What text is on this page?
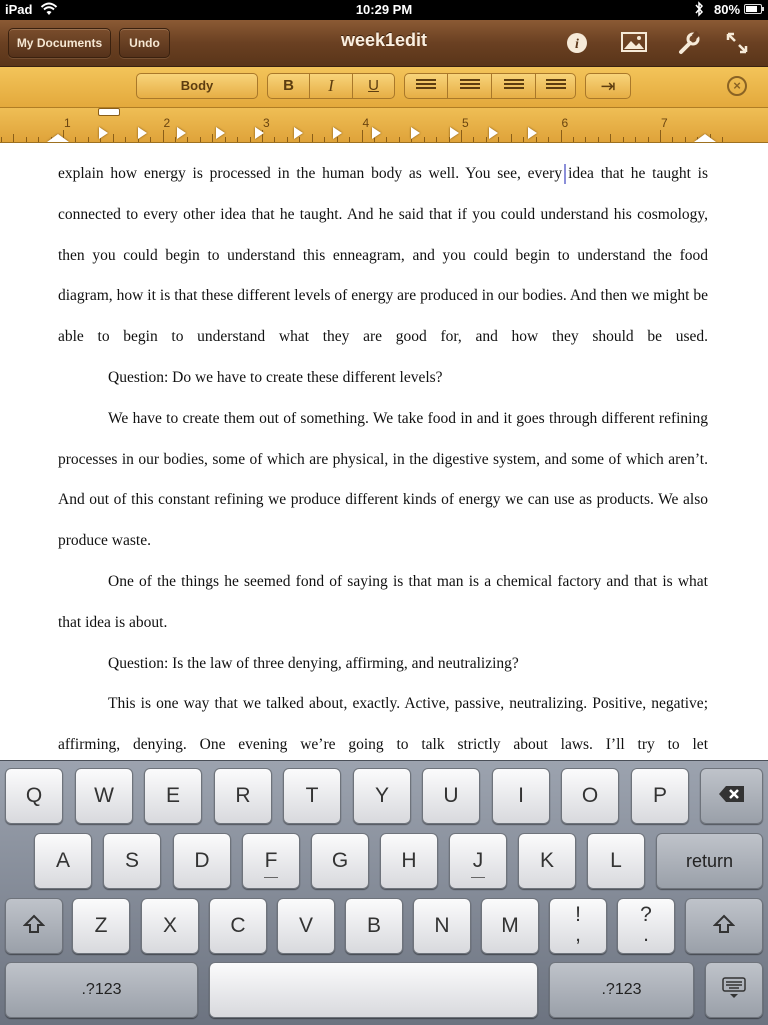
iPad	10:29 PM	80%
My Documents	Undo	week1edit	i
Body	B	I	U	⇥	×
1	2	3	4	5	6	7

explain how energy is processed in the human body as well. You see, every idea that he taught is connected to every other idea that he taught. And he said that if you could understand his cosmology, then you could begin to understand this enneagram, and you could begin to understand the food diagram, how it is that these different levels of energy are produced in our bodies. And then we might be able to begin to understand what they are good for, and how they should be used.

Question: Do we have to create these different levels?

We have to create them out of something. We take food in and it goes through different refining processes in our bodies, some of which are physical, in the digestive system, and some of which aren’t. And out of this constant refining we produce different kinds of energy we can use as products. We also produce waste.

One of the things he seemed fond of saying is that man is a chemical factory and that is what that idea is about.

Question: Is the law of three denying, affirming, and neutralizing?

This is one way that we talked about, exactly. Active, passive, neutralizing. Positive, negative; affirming, denying. One evening we’re going to talk strictly about laws. I’ll try to let

Q	W	E	R	T	Y	U	I	O	P
A	S	D	F	G	H	J	K	L	return
Z	X	C	V	B	N	M	!
,
?
.
.?123	.?123
